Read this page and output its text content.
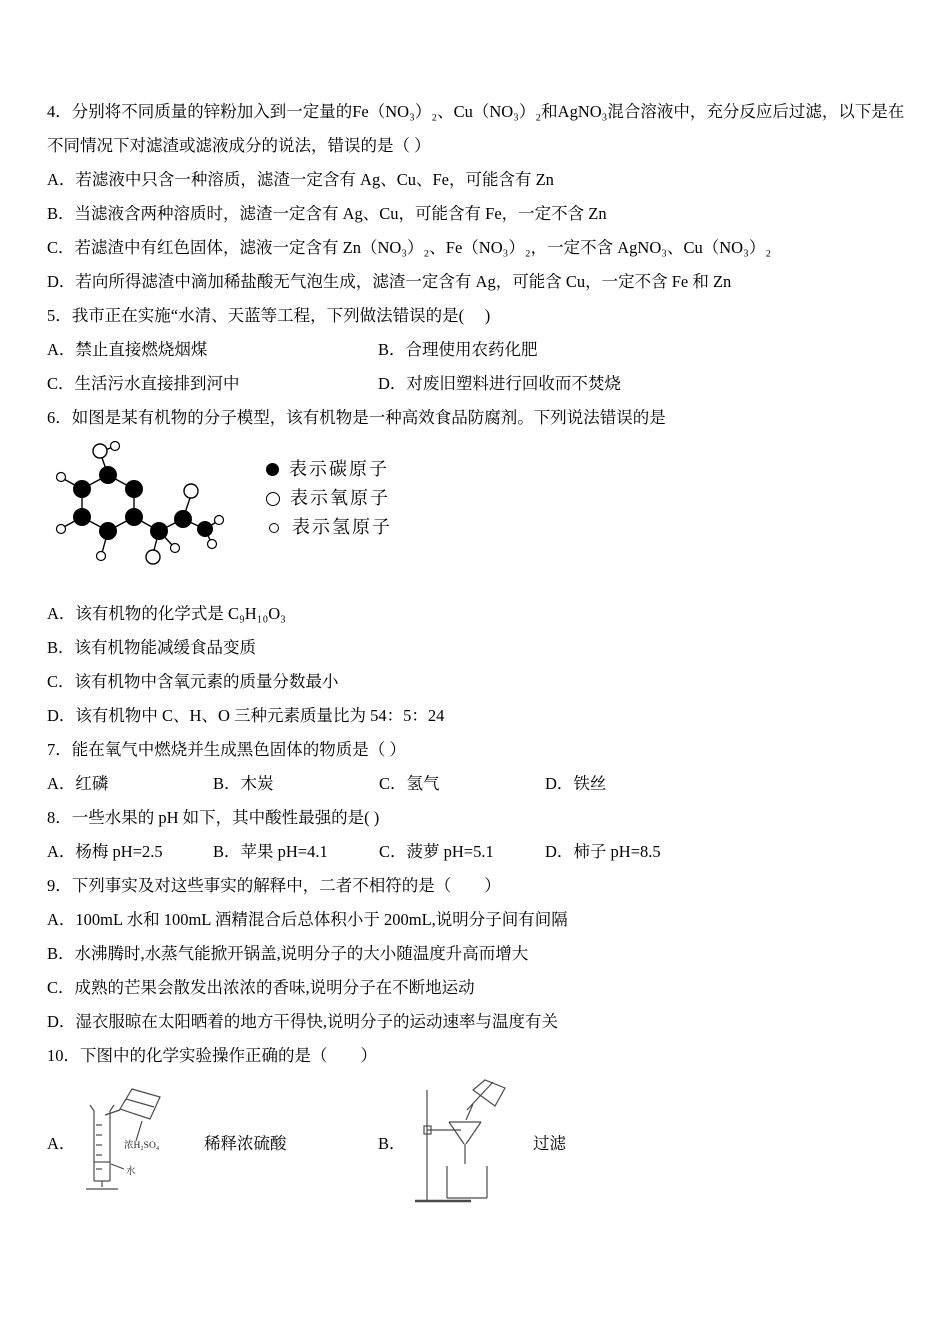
4．分别将不同质量的锌粉加入到一定量的Fe（NO₃）₂、Cu（NO₃）₂和AgNO₃混合溶液中，充分反应后过滤，以下是在不同情况下对滤渣或滤液成分的说法，错误的是（ ）

A．若滤液中只含一种溶质，滤渣一定含有 Ag、Cu、Fe，可能含有 Zn

B．当滤液含两种溶质时，滤渣一定含有 Ag、Cu，可能含有 Fe，一定不含 Zn

C．若滤渣中有红色固体，滤液一定含有 Zn（NO₃）₂、Fe（NO₃）₂，一定不含 AgNO₃、Cu（NO₃）₂

D．若向所得滤渣中滴加稀盐酸无气泡生成，滤渣一定含有 Ag，可能含 Cu，一定不含 Fe 和 Zn

5．我市正在实施“水清、天蓝等工程，下列做法错误的是(　 )

A．禁止直接燃烧烟煤	B．合理使用农药化肥
C．生活污水直接排到河中	D．对废旧塑料进行回收而不焚烧

6．如图是某有机物的分子模型，该有机物是一种高效食品防腐剂。下列说法错误的是

表示碳原子
表示氧原子
表示氢原子

A．该有机物的化学式是 C₉H₁₀O₃

B．该有机物能减缓食品变质

C．该有机物中含氧元素的质量分数最小

D．该有机物中 C、H、O 三种元素质量比为 54：5：24

7．能在氧气中燃烧并生成黑色固体的物质是（ ）

A．红磷	B．木炭	C．氢气	D．铁丝

8．一些水果的 pH 如下，其中酸性最强的是( )

A．杨梅 pH=2.5	B．苹果 pH=4.1	C．菠萝 pH=5.1	D．柿子 pH=8.5

9．下列事实及对这些事实的解释中，二者不相符的是（　　）

A．100mL 水和 100mL 酒精混合后总体积小于 200mL,说明分子间有间隔

B．水沸腾时,水蒸气能掀开锅盖,说明分子的大小随温度升高而增大

C．成熟的芒果会散发出浓浓的香味,说明分子在不断地运动

D．湿衣服晾在太阳晒着的地方干得快,说明分子的运动速率与温度有关

10．下图中的化学实验操作正确的是（　　）

A．	浓H₂SO₄
水
稀释浓硫酸	B．	过滤
